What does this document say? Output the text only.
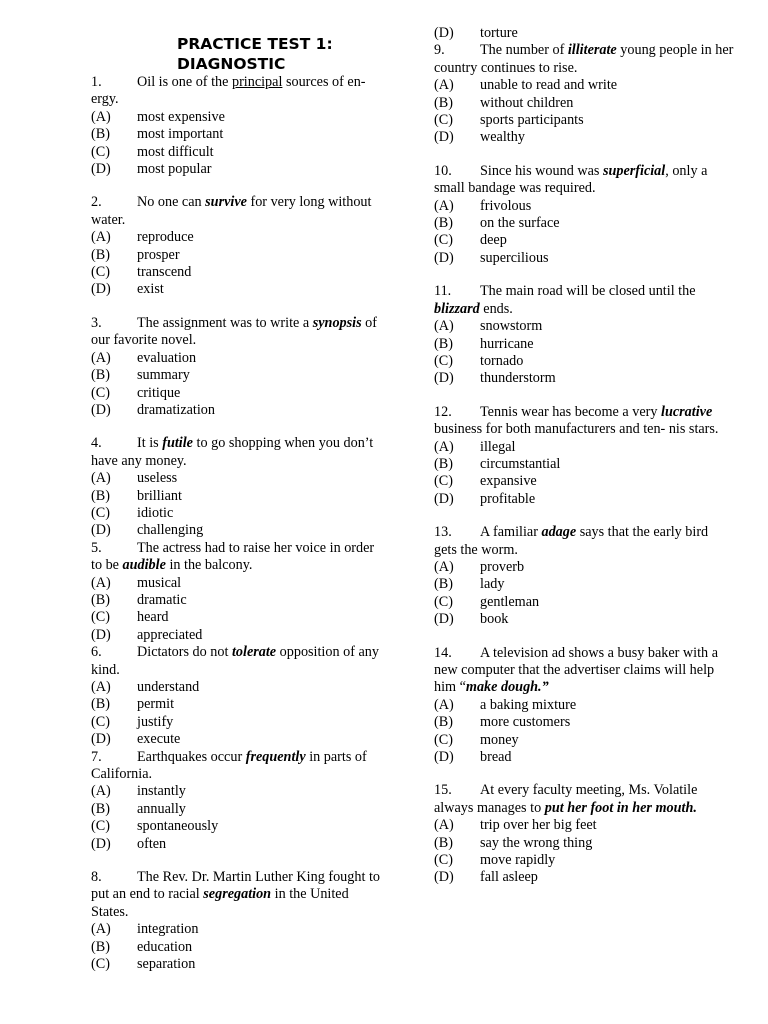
PRACTICE TEST 1:
DIAGNOSTIC

1. Oil is one of the principal sources of en- ergy.

(A) most expensive
(B) most important
(C) most difficult
(D) most popular

2. No one can survive for very long without water.

(A) reproduce
(B) prosper
(C) transcend
(D) exist

3. The assignment was to write a synopsis of our favorite novel.

(A) evaluation
(B) summary
(C) critique
(D) dramatization

4. It is futile to go shopping when you don’t have any money.

(A) useless
(B) brilliant
(C) idiotic
(D) challenging

5. The actress had to raise her voice in order to be audible in the balcony.

(A) musical
(B) dramatic
(C) heard
(D) appreciated

6. Dictators do not tolerate opposition of any kind.

(A) understand
(B) permit
(C) justify
(D) execute

7. Earthquakes occur frequently in parts of California.

(A) instantly
(B) annually
(C) spontaneously
(D) often

8. The Rev. Dr. Martin Luther King fought to put an end to racial segregation in the United States.

(A) integration
(B) education
(C) separation
(D) torture

9. The number of illiterate young people in her country continues to rise.

(A) unable to read and write
(B) without children
(C) sports participants
(D) wealthy

10. Since his wound was superficial, only a small bandage was required.

(A) frivolous
(B) on the surface
(C) deep
(D) supercilious

11. The main road will be closed until the blizzard ends.

(A) snowstorm
(B) hurricane
(C) tornado
(D) thunderstorm

12. Tennis wear has become a very lucrative business for both manufacturers and ten- nis stars.

(A) illegal
(B) circumstantial
(C) expansive
(D) profitable

13. A familiar adage says that the early bird gets the worm.

(A) proverb
(B) lady
(C) gentleman
(D) book

14. A television ad shows a busy baker with a new computer that the advertiser claims will help him “make dough.”

(A) a baking mixture
(B) more customers
(C) money
(D) bread

15. At every faculty meeting, Ms. Volatile always manages to put her foot in her mouth.

(A) trip over her big feet
(B) say the wrong thing
(C) move rapidly
(D) fall asleep
